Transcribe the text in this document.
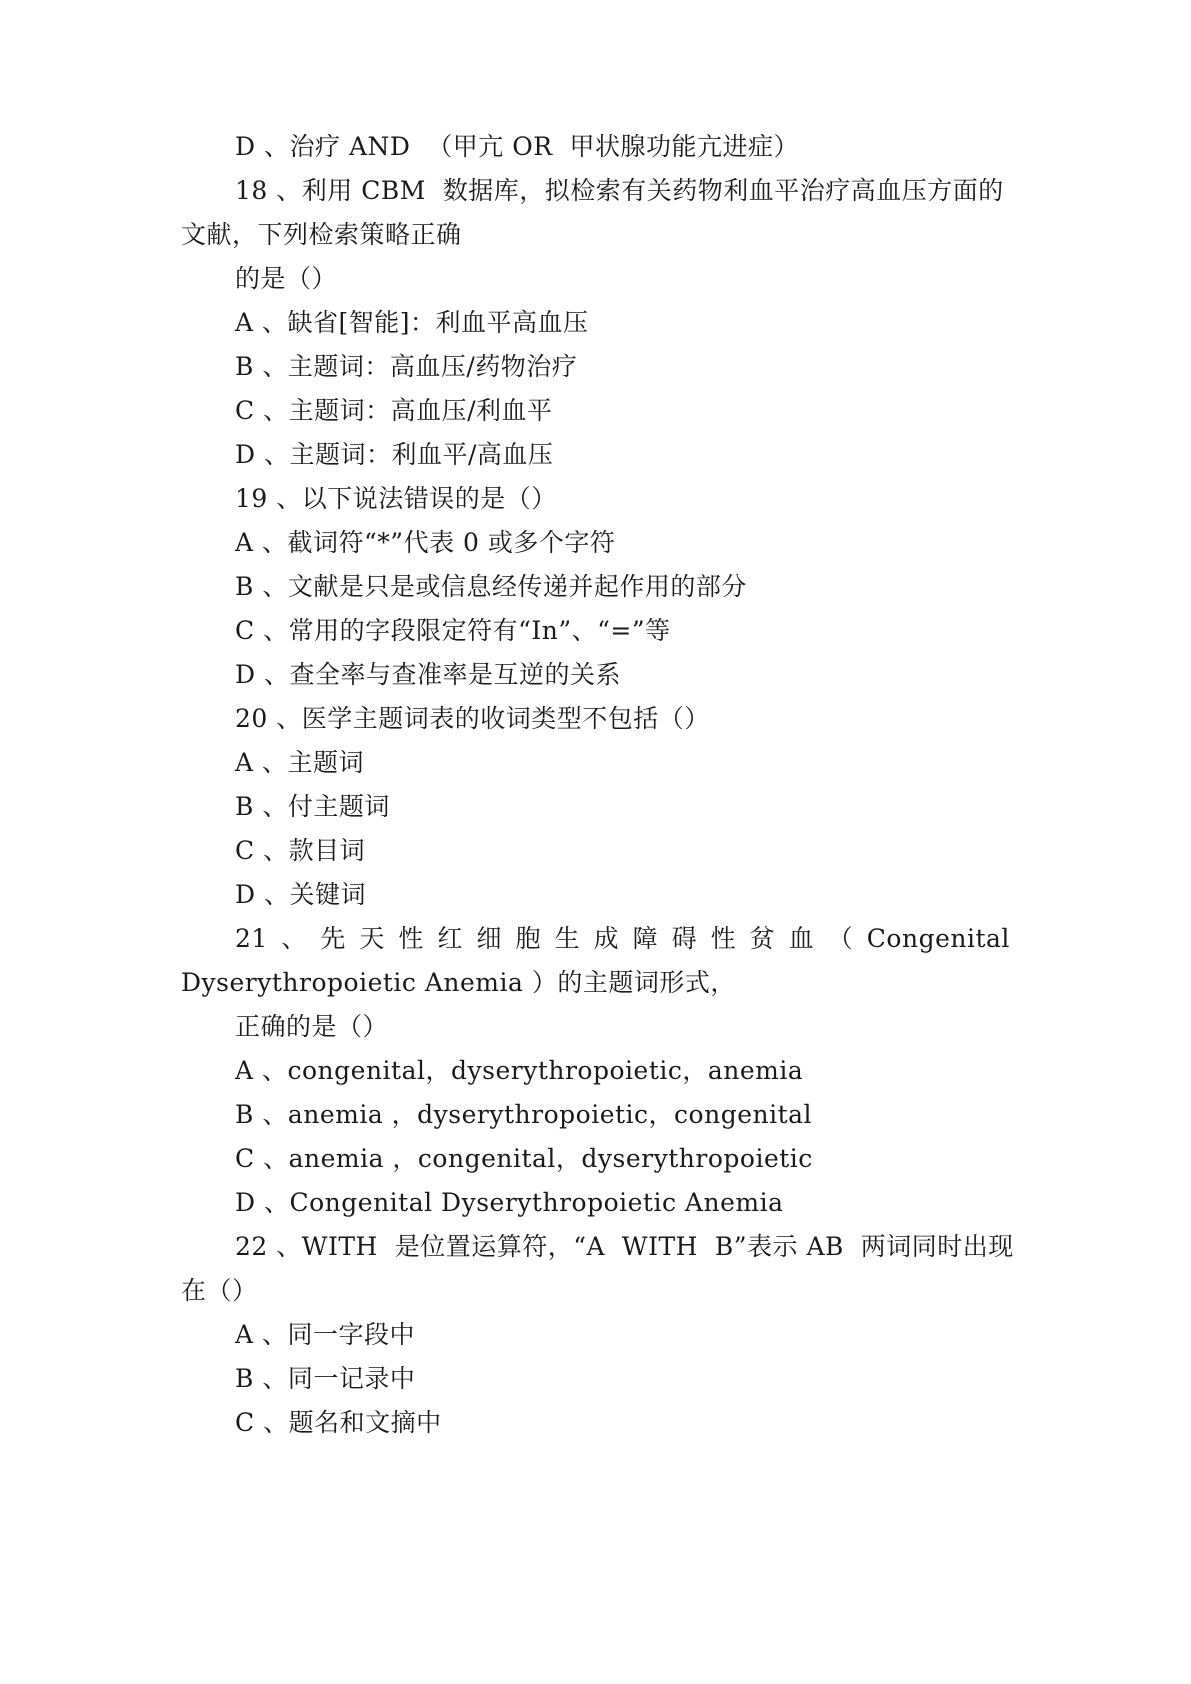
D 、治疗 AND  （甲亢 OR  甲状腺功能亢进症）
18 、利用 CBM  数据库，拟检索有关药物利血平治疗高血压方面的
文献，下列检索策略正确
的是（）
A 、缺省[智能]：利血平高血压
B 、主题词：高血压/药物治疗
C 、主题词：高血压/利血平
D 、主题词：利血平/高血压
19 、以下说法错误的是（）
A 、截词符“*”代表 0 或多个字符
B 、文献是只是或信息经传递并起作用的部分
C 、常用的字段限定符有“In”、“=”等
D 、查全率与查准率是互逆的关系
20 、医学主题词表的收词类型不包括（）
A 、主题词
B 、付主题词
C 、款目词
D 、关键词
21 、 先 天 性 红 细 胞 生 成 障 碍 性 贫 血 （ Congenital
Dyserythropoietic Anemia ）的主题词形式，
正确的是（）
A 、congenital，dyserythropoietic，anemia
B 、anemia ，dyserythropoietic，congenital
C 、anemia ，congenital，dyserythropoietic
D 、Congenital Dyserythropoietic Anemia
22 、WITH  是位置运算符，“A  WITH  B”表示 AB  两词同时出现
在（）
A 、同一字段中
B 、同一记录中
C 、题名和文摘中
